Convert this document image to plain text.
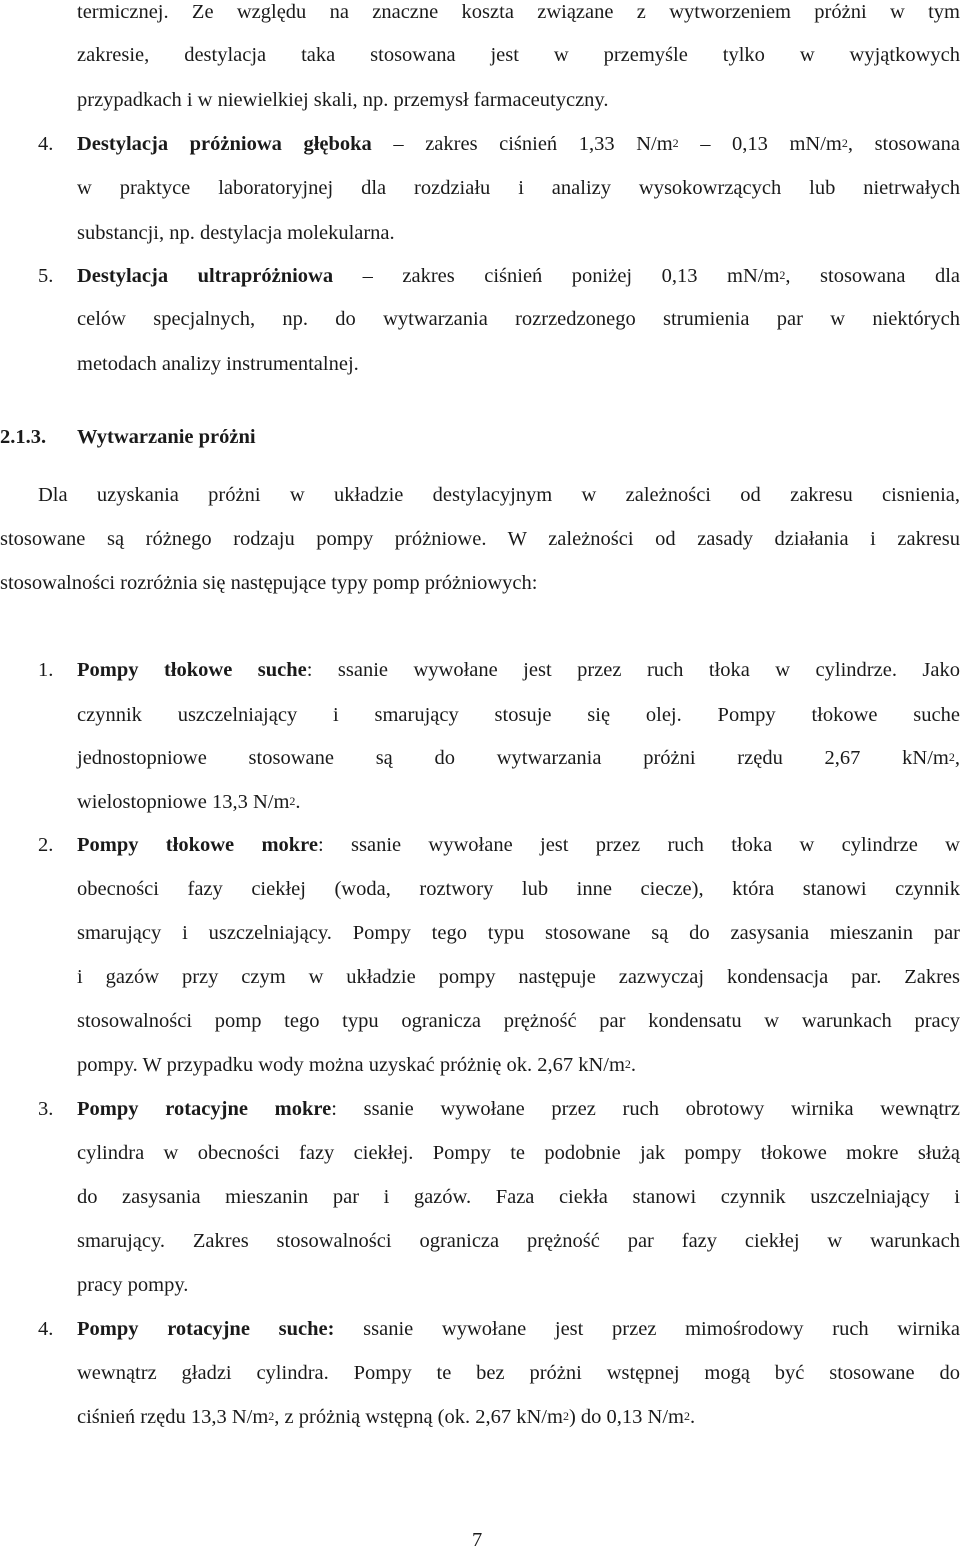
termicznej. Ze względu na znaczne koszta związane z wytworzeniem próżni w tym
zakresie, destylacja taka stosowana jest w przemyśle tylko w wyjątkowych
przypadkach i w niewielkiej skali, np. przemysł farmaceutyczny.
4. Destylacja próżniowa głęboka – zakres ciśnień 1,33 $N/m^2 - 0,13$ $mN/m^2$, stosowana
w praktyce laboratoryjnej dla rozdziału i analizy wysokowrzących lub nietrwałych
substancji, np. destylacja molekularna.
5. Destylacja ultrapróżniowa – zakres ciśnień poniżej 0,13 $mN/m^2$, stosowana dla
celów specjalnych, np. do wytwarzania rozrzedzonego strumienia par w niektórych
metodach analizy instrumentalnej.
2.1.3. Wytwarzanie próżni
Dla uzyskania próżni w układzie destylacyjnym w zależności od zakresu cisnienia,
stosowane są różnego rodzaju pompy próżniowe. W zależności od zasady działania i zakresu
stosowalności rozróżnia się następujące typy pomp próżniowych:
1. Pompy tłokowe suche: ssanie wywołane jest przez ruch tłoka w cylindrze. Jako
czynnik uszczelniający i smarujący stosuje się olej. Pompy tłokowe suche
jednostopniowe stosowane są do wytwarzania próżni rzędu 2,67 $kN/m^2$,
wielostopniowe 13,3 $N/m^2$.
2. Pompy tłokowe mokre: ssanie wywołane jest przez ruch tłoka w cylindrze w
obecności fazy ciekłej (woda, roztwory lub inne ciecze), która stanowi czynnik
smarujący i uszczelniający. Pompy tego typu stosowane są do zasysania mieszanin par
i gazów przy czym w układzie pompy następuje zazwyczaj kondensacja par. Zakres
stosowalności pomp tego typu ogranicza prężność par kondensatu w warunkach pracy
pompy. W przypadku wody można uzyskać próżnię ok. 2,67 $kN/m^2$.
3. Pompy rotacyjne mokre: ssanie wywołane przez ruch obrotowy wirnika wewnątrz
cylindra w obecności fazy ciekłej. Pompy te podobnie jak pompy tłokowe mokre służą
do zasysania mieszanin par i gazów. Faza ciekła stanowi czynnik uszczelniający i
smarujący. Zakres stosowalności ogranicza prężność par fazy ciekłej w warunkach
pracy pompy.
4. Pompy rotacyjne suche: ssanie wywołane jest przez mimośrodowy ruch wirnika
wewnątrz gładzi cylindra. Pompy te bez próżni wstępnej mogą być stosowane do
ciśnień rzędu 13,3 $N/m^2$, z próżnią wstępną (ok. 2,67 $kN/m^2$) do 0,13 $N/m^2$.
7
